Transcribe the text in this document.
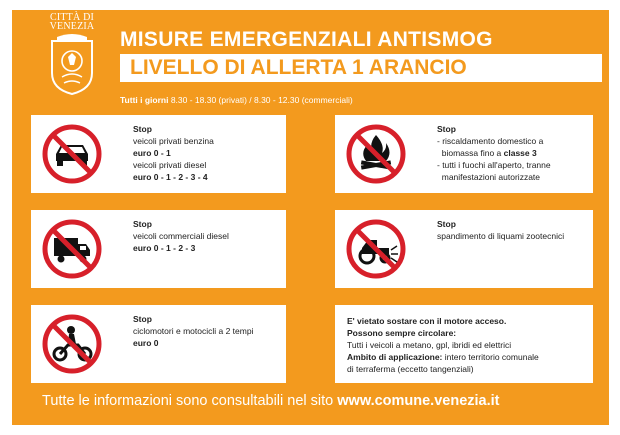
CITTÀ DI
VENEZIA
MISURE EMERGENZIALI ANTISMOG
LIVELLO DI ALLERTA 1 ARANCIO
Tutti i giorni 8.30 - 18.30 (privati) / 8.30 - 12.30 (commerciali)
Stop
veicoli privati benzina
euro 0 - 1
veicoli privati diesel
euro 0 - 1 - 2 - 3 - 4
Stop
veicoli commerciali diesel
euro 0 - 1 - 2 - 3
Stop
ciclomotori e motocicli a 2 tempi
euro 0
Stop
- riscaldamento domestico a
biomassa fino a classe 3
- tutti i fuochi all'aperto, tranne
manifestazioni autorizzate
Stop
spandimento di liquami zootecnici
E' vietato sostare con il motore acceso.
Possono sempre circolare:
Tutti i veicoli a metano, gpl, ibridi ed elettrici
Ambito di applicazione: intero territorio comunale
di terraferma (eccetto tangenziali)
Tutte le informazioni sono consultabili nel sito www.comune.venezia.it
